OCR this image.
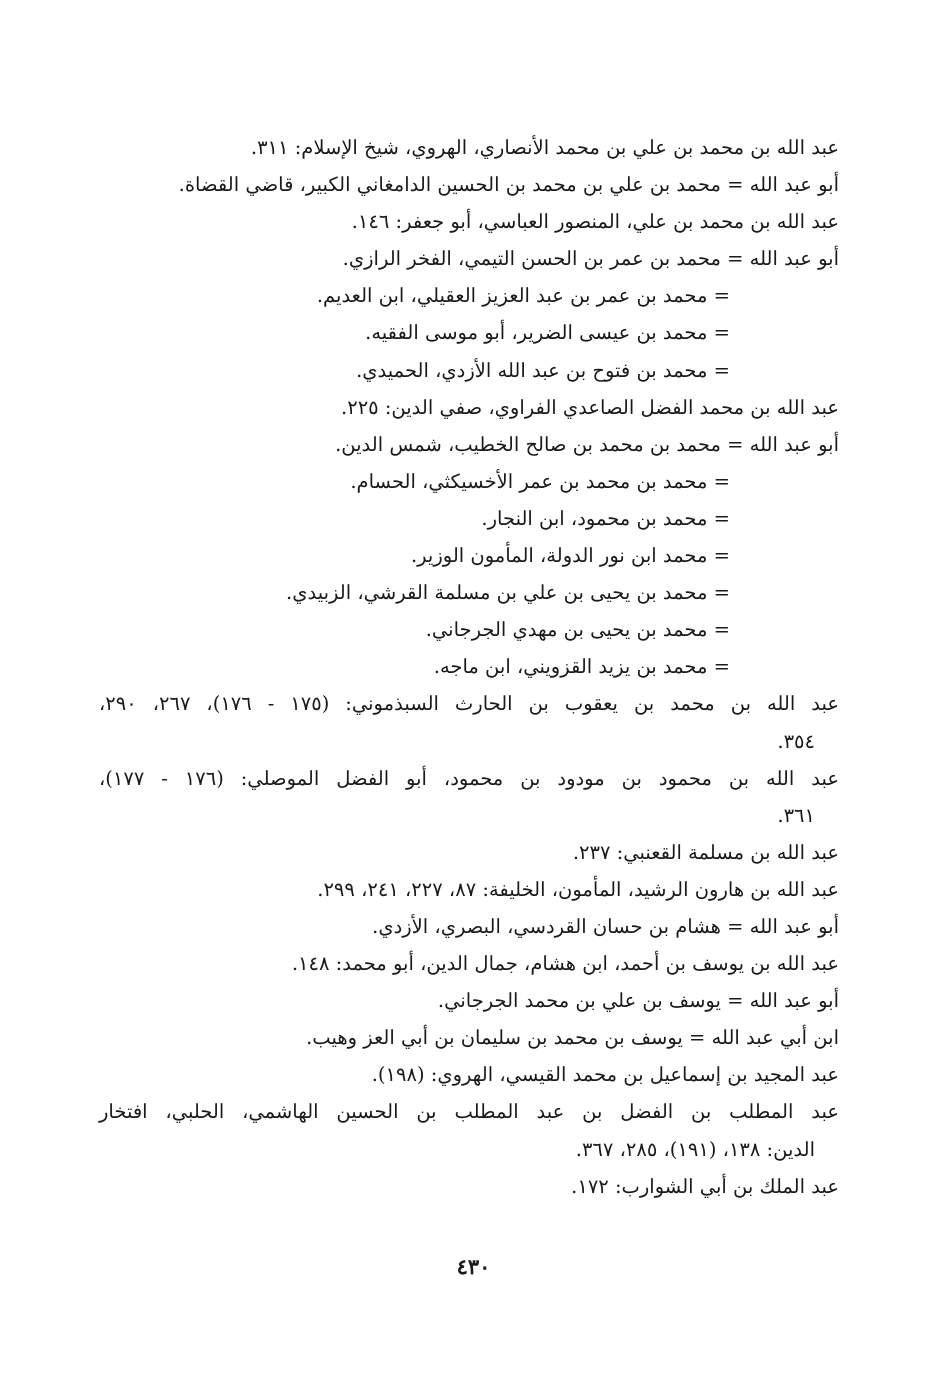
عبد الله بن محمد بن علي بن محمد الأنصاري، الهروي، شيخ الإسلام: ٣١١.
أبو عبد الله = محمد بن علي بن محمد بن الحسين الدامغاني الكبير، قاضي القضاة.
عبد الله بن محمد بن علي، المنصور العباسي، أبو جعفر: ١٤٦.
أبو عبد الله = محمد بن عمر بن الحسن التيمي، الفخر الرازي.
= محمد بن عمر بن عبد العزيز العقيلي، ابن العديم.
= محمد بن عيسى الضرير، أبو موسى الفقيه.
= محمد بن فتوح بن عبد الله الأزدي، الحميدي.
عبد الله بن محمد الفضل الصاعدي الفراوي، صفي الدين: ٢٢٥.
أبو عبد الله = محمد بن محمد بن صالح الخطيب، شمس الدين.
= محمد بن محمد بن عمر الأخسيكثي، الحسام.
= محمد بن محمود، ابن النجار.
= محمد ابن نور الدولة، المأمون الوزير.
= محمد بن يحيى بن علي بن مسلمة القرشي، الزبيدي.
= محمد بن يحيى بن مهدي الجرجاني.
= محمد بن يزيد القزويني، ابن ماجه.
عبد الله بن محمد بن يعقوب بن الحارث السبذموني: (١٧٥ - ١٧٦)، ٢٦٧، ٢٩٠،
٣٥٤.
عبد الله بن محمود بن مودود بن محمود، أبو الفضل الموصلي: (١٧٦ - ١٧٧)،
٣٦١.
عبد الله بن مسلمة القعنبي: ٢٣٧.
عبد الله بن هارون الرشيد، المأمون، الخليفة: ٨٧، ٢٢٧، ٢٤١، ٢٩٩.
أبو عبد الله = هشام بن حسان القردسي، البصري، الأزدي.
عبد الله بن يوسف بن أحمد، ابن هشام، جمال الدين، أبو محمد: ١٤٨.
أبو عبد الله = يوسف بن علي بن محمد الجرجاني.
ابن أبي عبد الله = يوسف بن محمد بن سليمان بن أبي العز وهيب.
عبد المجيد بن إسماعيل بن محمد القيسي، الهروي: (١٩٨).
عبد المطلب بن الفضل بن عبد المطلب بن الحسين الهاشمي، الحلبي، افتخار
الدين: ١٣٨، (١٩١)، ٢٨٥، ٣٦٧.
عبد الملك بن أبي الشوارب: ١٧٢.
٤٣٠
